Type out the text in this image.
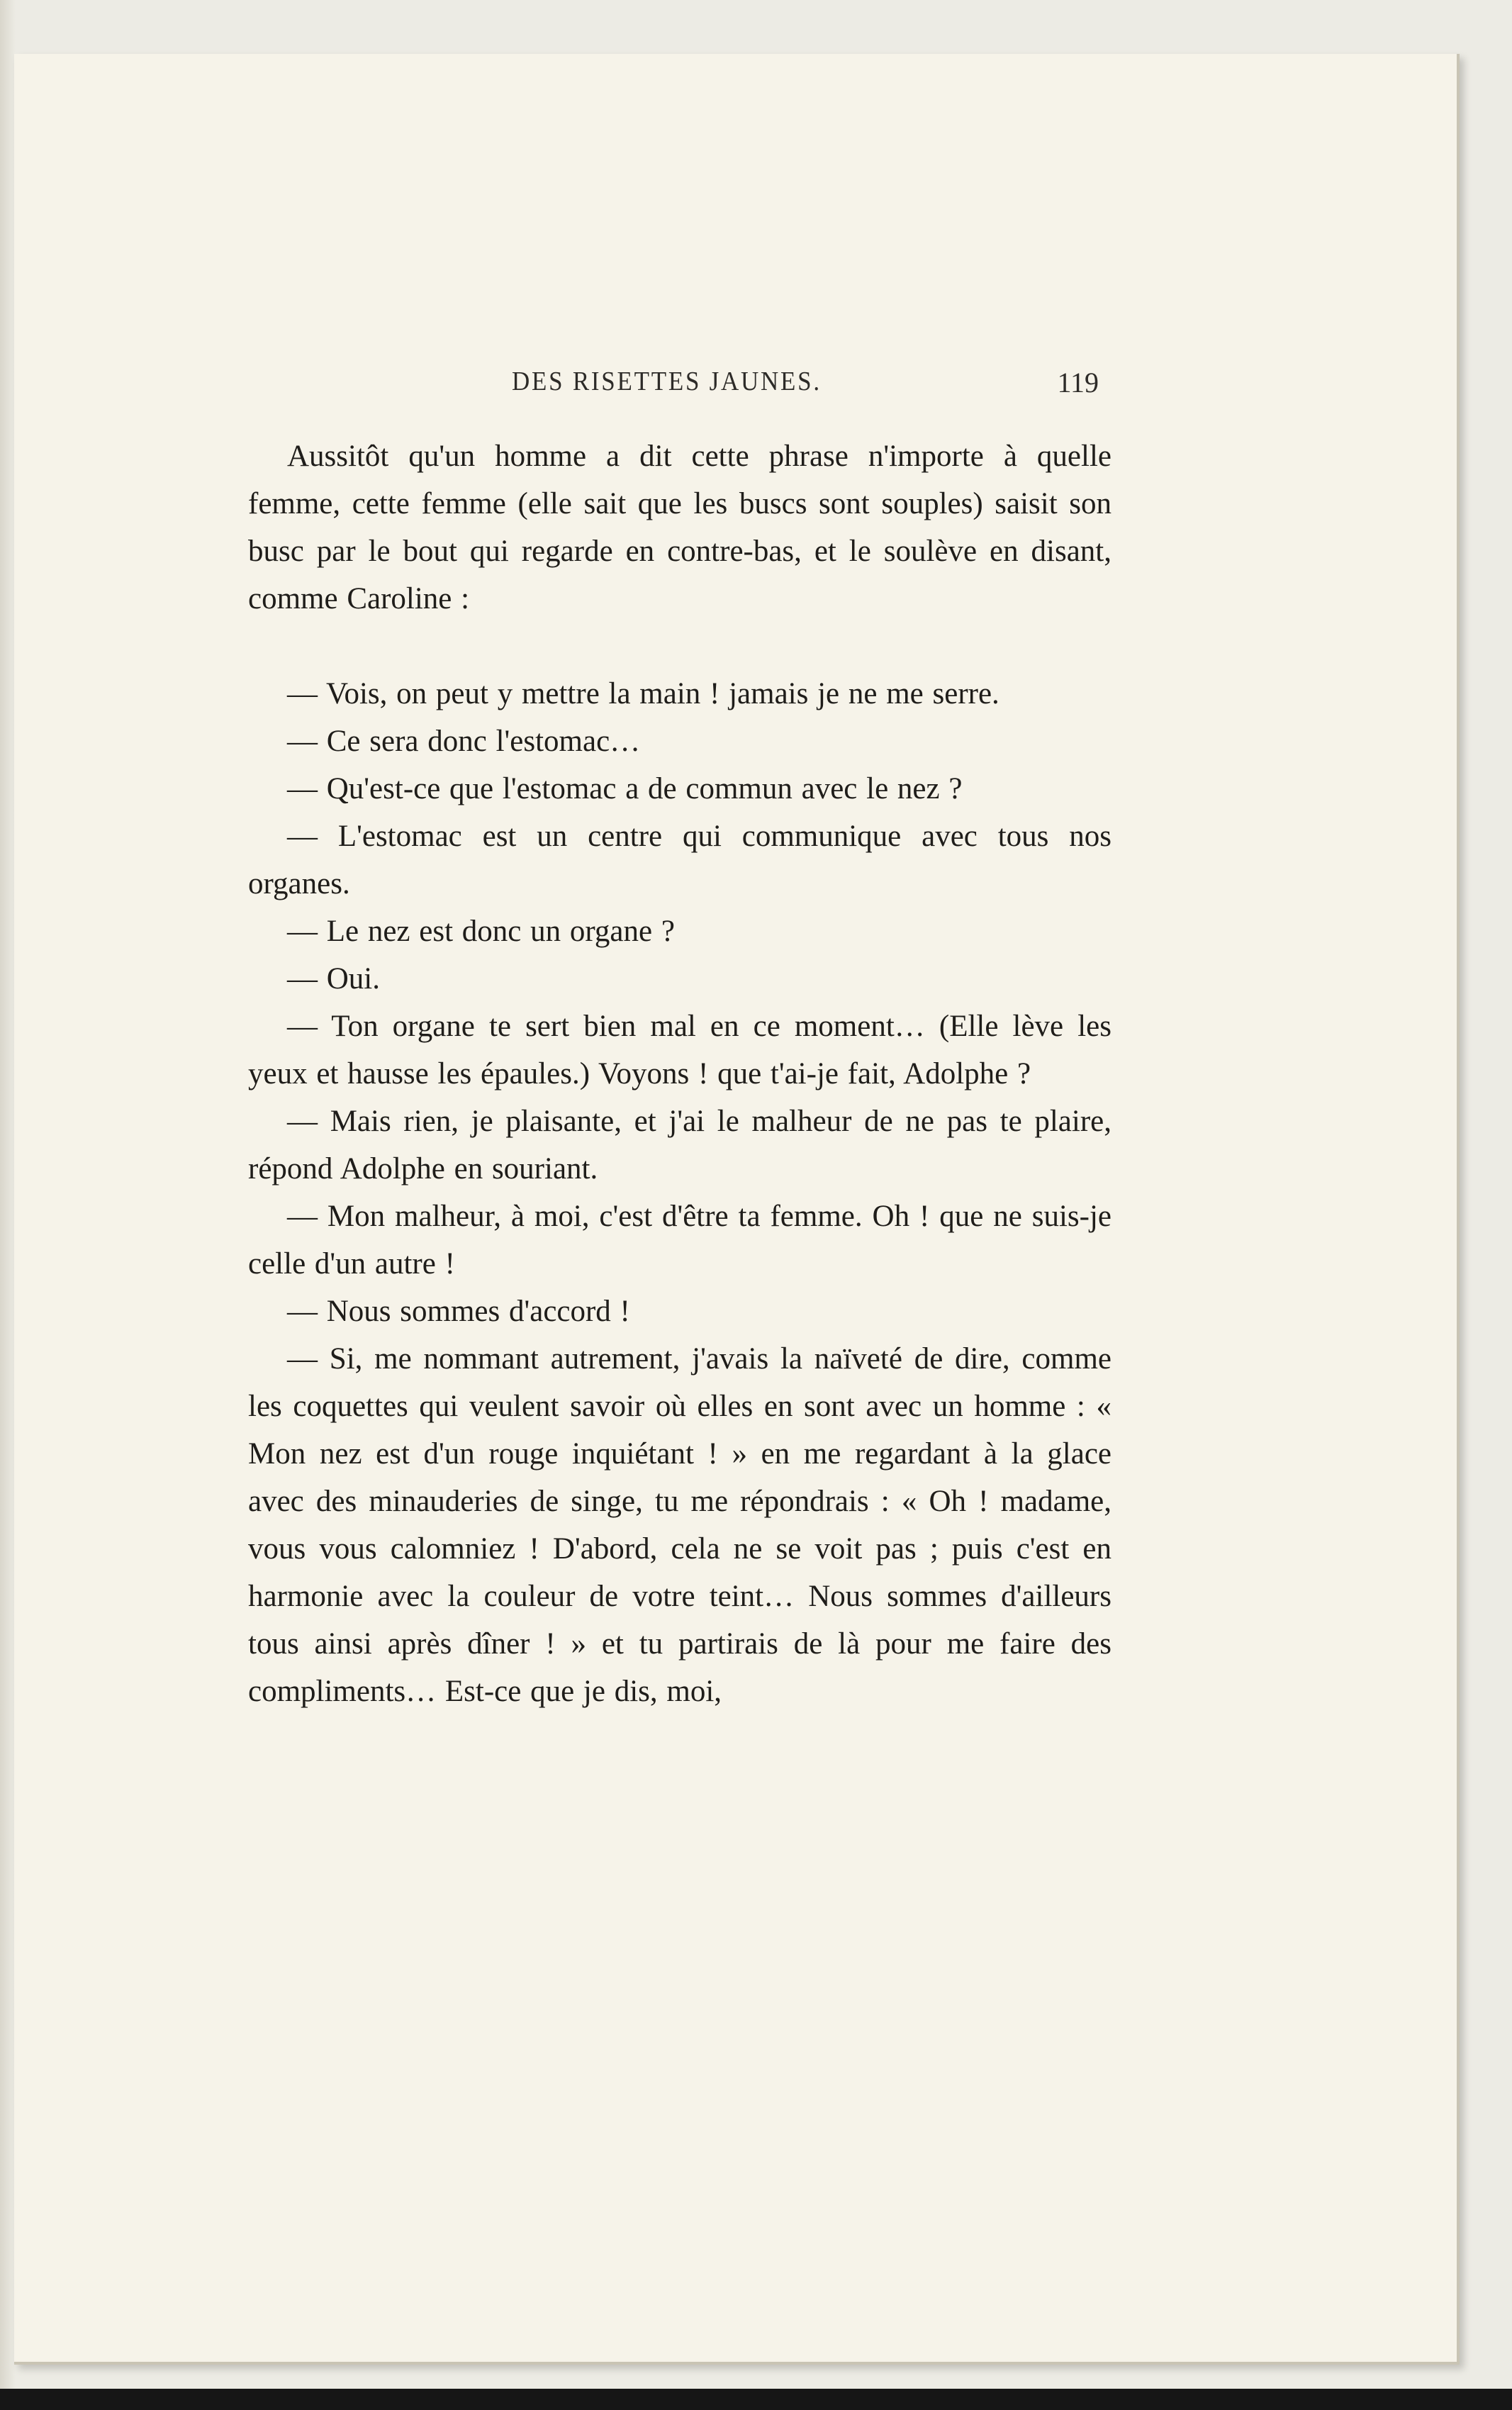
DES RISETTES JAUNES.	119

Aussitôt qu'un homme a dit cette phrase n'importe à quelle femme, cette femme (elle sait que les buscs sont souples) saisit son busc par le bout qui regarde en contre-bas, et le soulève en disant, comme Caroline :

— Vois, on peut y mettre la main ! jamais je ne me serre.

— Ce sera donc l'estomac…

— Qu'est-ce que l'estomac a de commun avec le nez ?

— L'estomac est un centre qui communique avec tous nos organes.

— Le nez est donc un organe ?

— Oui.

— Ton organe te sert bien mal en ce moment… (Elle lève les yeux et hausse les épaules.) Voyons ! que t'ai-je fait, Adolphe ?

— Mais rien, je plaisante, et j'ai le malheur de ne pas te plaire, répond Adolphe en souriant.

— Mon malheur, à moi, c'est d'être ta femme. Oh ! que ne suis-je celle d'un autre !

— Nous sommes d'accord !

— Si, me nommant autrement, j'avais la naïveté de dire, comme les coquettes qui veulent savoir où elles en sont avec un homme : « Mon nez est d'un rouge inquiétant ! » en me regardant à la glace avec des minauderies de singe, tu me répondrais : « Oh ! madame, vous vous calomniez ! D'abord, cela ne se voit pas ; puis c'est en harmonie avec la couleur de votre teint… Nous sommes d'ailleurs tous ainsi après dîner ! » et tu partirais de là pour me faire des compliments… Est-ce que je dis, moi,
